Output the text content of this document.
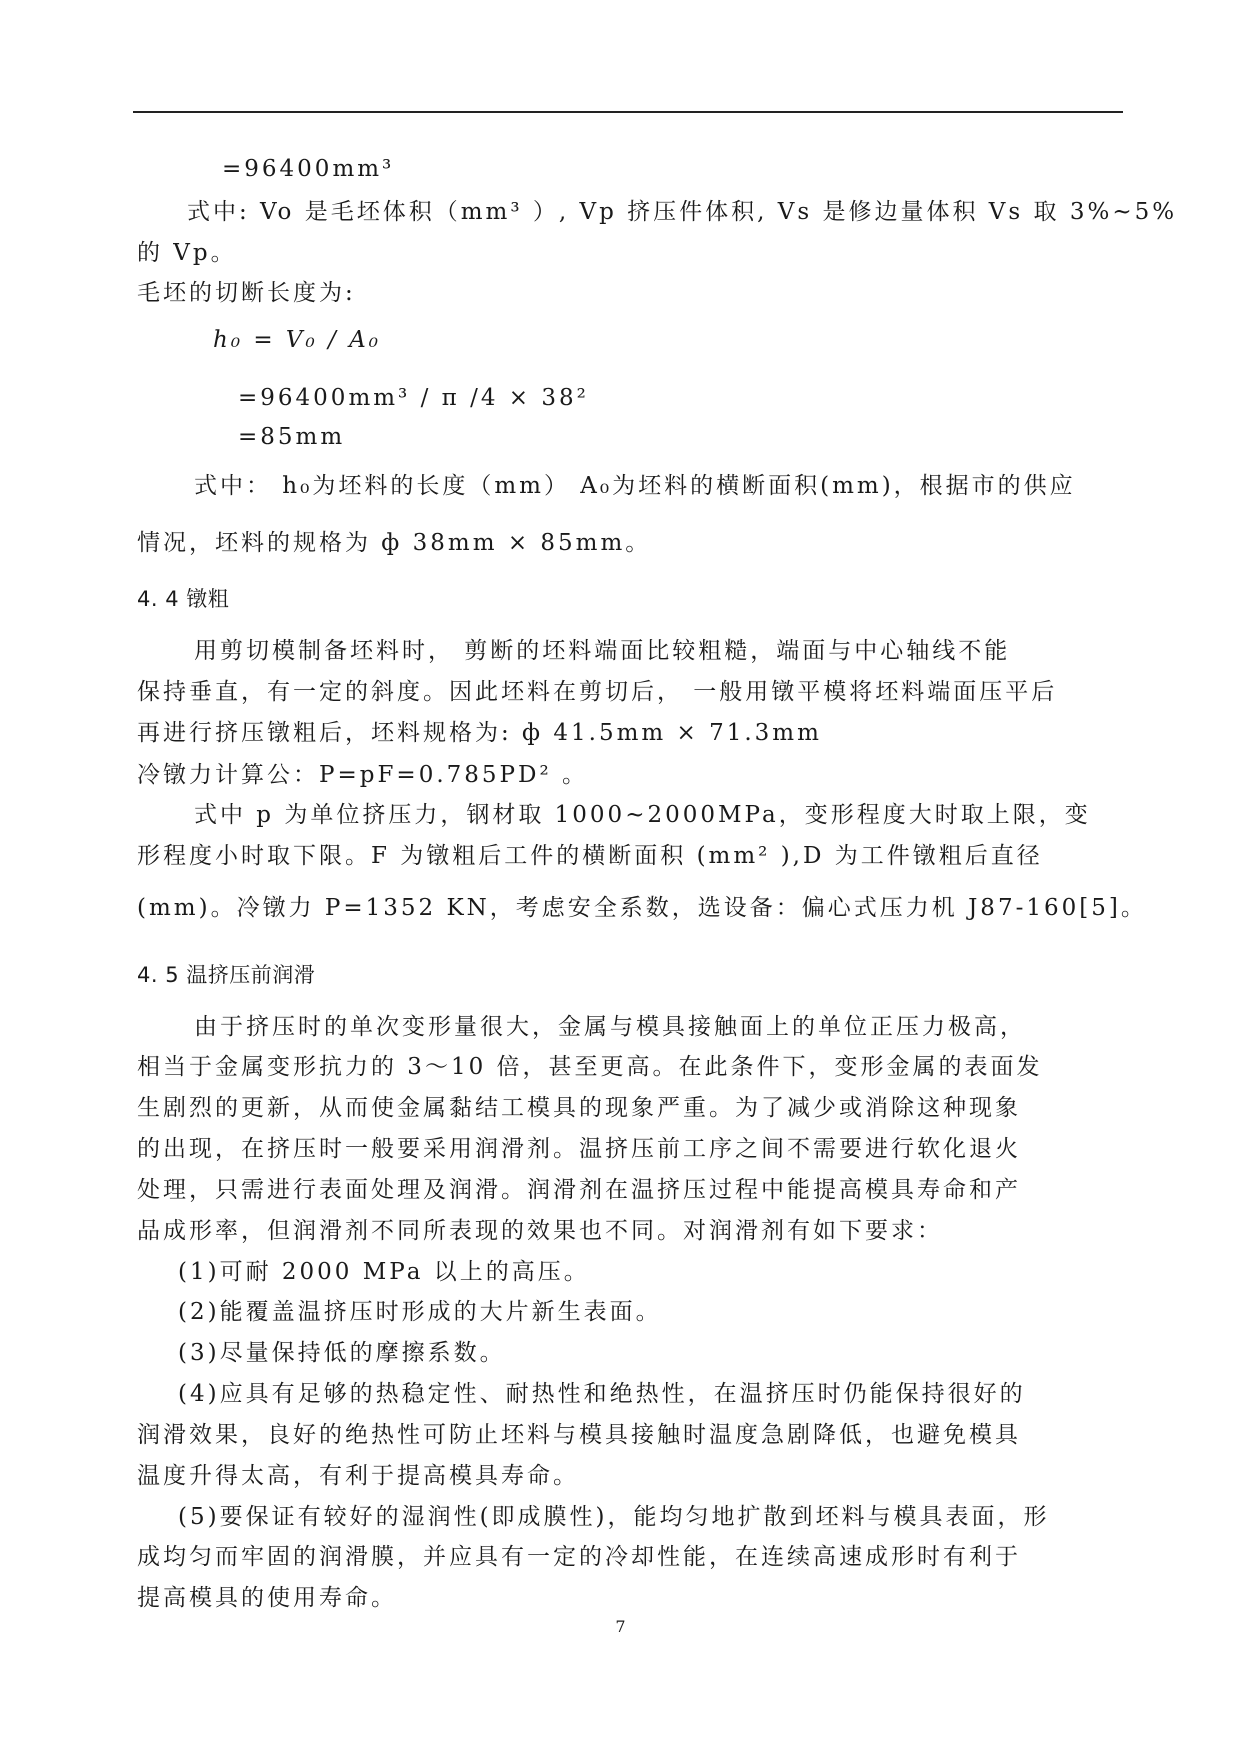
=96400mm³
式中: Vo 是毛坯体积（mm³ ）, Vp 挤压件体积, Vs 是修边量体积 Vs 取 3%~5%
的 Vp。
毛坯的切断长度为:
h₀ = V₀ / A₀
=96400mm³ / π /4 × 38²
=85mm
式中： h₀为坯料的长度（mm） A₀为坯料的横断面积(mm)，根据市的供应
情况，坯料的规格为 ф 38mm × 85mm。
4. 4 镦粗
用剪切模制备坯料时， 剪断的坯料端面比较粗糙，端面与中心轴线不能
保持垂直，有一定的斜度。因此坯料在剪切后， 一般用镦平模将坯料端面压平后
再进行挤压镦粗后，坯料规格为: ф 41.5mm × 71.3mm
冷镦力计算公：P=pF=0.785PD² 。
式中 p 为单位挤压力，钢材取 1000~2000MPa，变形程度大时取上限，变
形程度小时取下限。F 为镦粗后工件的横断面积 (mm² ),D 为工件镦粗后直径
(mm)。冷镦力 P=1352 KN，考虑安全系数，选设备：偏心式压力机 J87-160[5]。
4. 5 温挤压前润滑
由于挤压时的单次变形量很大，金属与模具接触面上的单位正压力极高，
相当于金属变形抗力的 3～10 倍，甚至更高。在此条件下，变形金属的表面发
生剧烈的更新，从而使金属黏结工模具的现象严重。为了减少或消除这种现象
的出现，在挤压时一般要采用润滑剂。温挤压前工序之间不需要进行软化退火
处理，只需进行表面处理及润滑。润滑剂在温挤压过程中能提高模具寿命和产
品成形率，但润滑剂不同所表现的效果也不同。对润滑剂有如下要求：
(1)可耐 2000 MPa 以上的高压。
(2)能覆盖温挤压时形成的大片新生表面。
(3)尽量保持低的摩擦系数。
(4)应具有足够的热稳定性、耐热性和绝热性，在温挤压时仍能保持很好的
润滑效果，良好的绝热性可防止坯料与模具接触时温度急剧降低，也避免模具
温度升得太高，有利于提高模具寿命。
(5)要保证有较好的湿润性(即成膜性)，能均匀地扩散到坯料与模具表面，形
成均匀而牢固的润滑膜，并应具有一定的冷却性能，在连续高速成形时有利于
提高模具的使用寿命。
7
